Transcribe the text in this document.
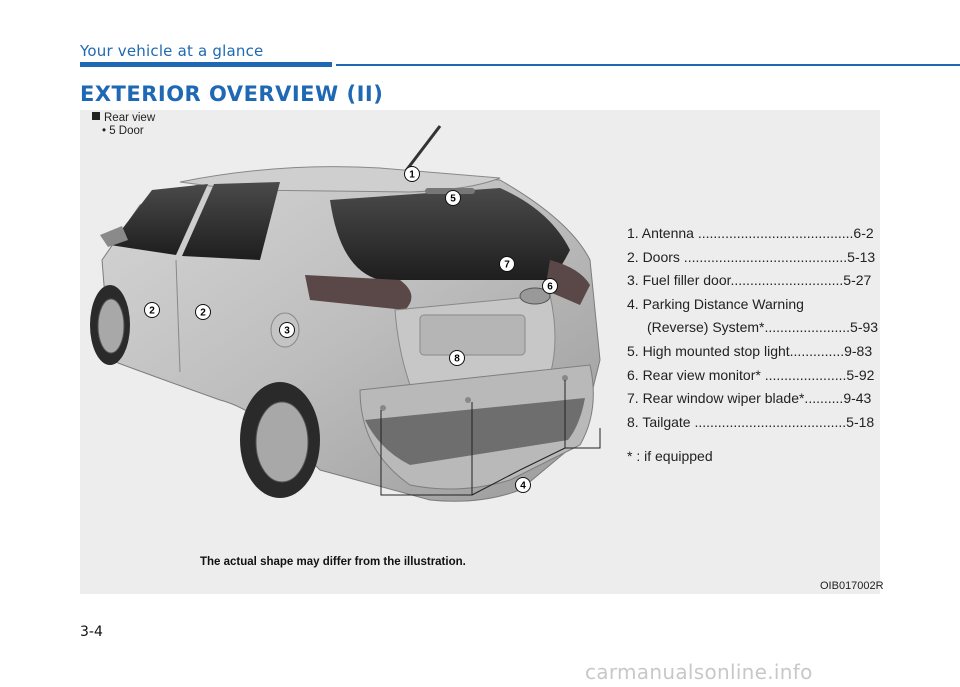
Your vehicle at a glance
EXTERIOR OVERVIEW (II)
1
2	2
3
4
5
6
7
8
Rear view
• 5 Door
1. Antenna ........................................6-2
2. Doors ..........................................5-13
3. Fuel filler door.............................5-27
4. Parking Distance Warning
(Reverse) System*......................5-93
5. High mounted stop light..............9-83
6. Rear view monitor* .....................5-92
7. Rear window wiper blade*..........9-43
8. Tailgate .......................................5-18
* : if equipped
The actual shape may differ from the illustration.
OIB017002R
3-4
carmanualsonline.info
